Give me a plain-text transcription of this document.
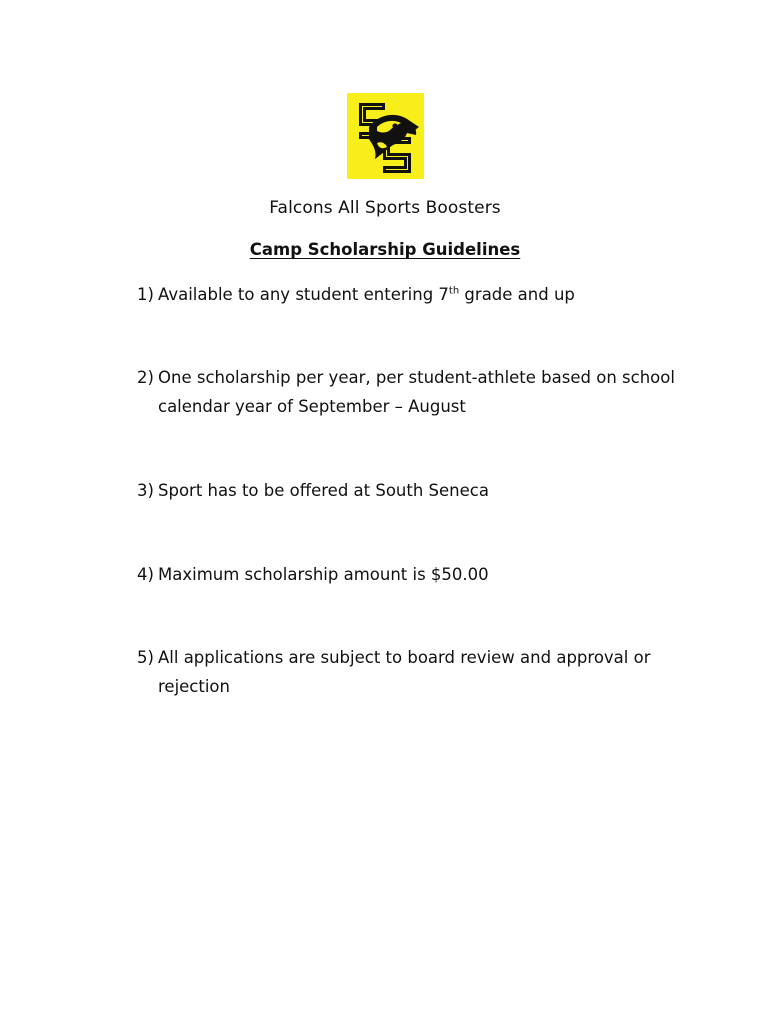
Falcons All Sports Boosters
Camp Scholarship Guidelines
1) Available to any student entering 7th grade and up
2) One scholarship per year, per student-athlete based on school calendar year of September – August
3) Sport has to be offered at South Seneca
4) Maximum scholarship amount is $50.00
5) All applications are subject to board review and approval or rejection
